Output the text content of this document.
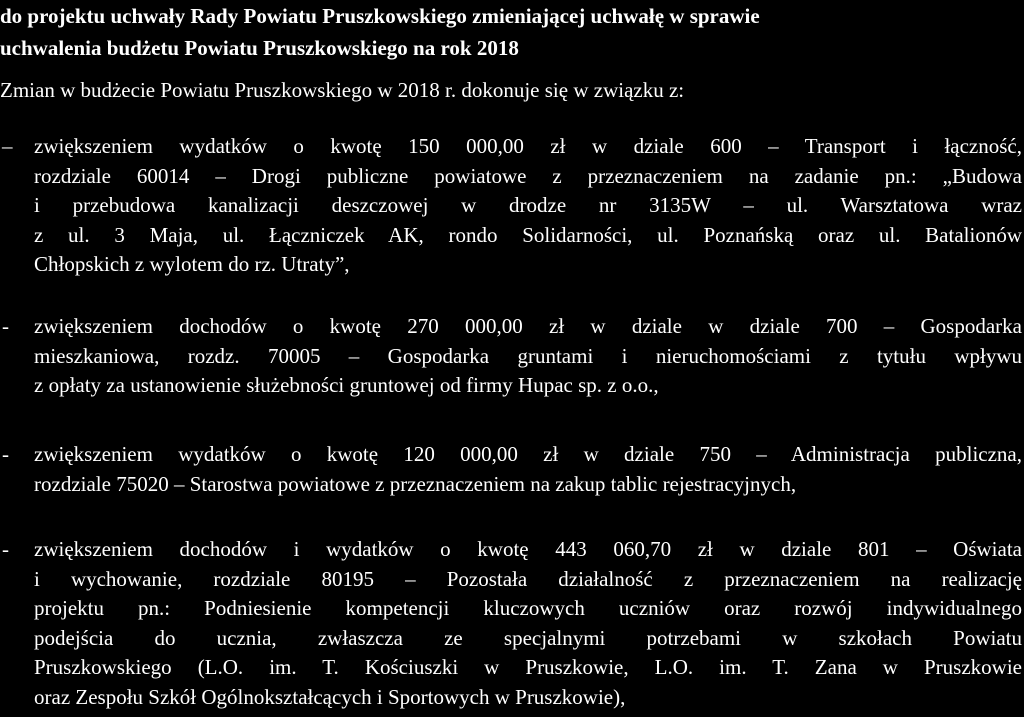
do projektu uchwały Rady Powiatu Pruszkowskiego zmieniającej uchwałę w sprawie
uchwalenia budżetu Powiatu Pruszkowskiego na rok 2018
Zmian w budżecie Powiatu Pruszkowskiego w 2018 r. dokonuje się w związku z:
– zwiększeniem wydatków o kwotę 150 000,00 zł w dziale 600 – Transport i łączność,
rozdziale 60014 – Drogi publiczne powiatowe z przeznaczeniem na zadanie pn.: „Budowa
i przebudowa kanalizacji deszczowej w drodze nr 3135W – ul. Warsztatowa wraz
z ul. 3 Maja, ul. Łączniczek AK, rondo Solidarności, ul. Poznańską oraz ul. Batalionów
Chłopskich z wylotem do rz. Utraty”,
- zwiększeniem dochodów o kwotę 270 000,00 zł w dziale w dziale 700 – Gospodarka
mieszkaniowa, rozdz. 70005 – Gospodarka gruntami i nieruchomościami z tytułu wpływu
z opłaty za ustanowienie służebności gruntowej od firmy Hupac sp. z o.o.,
- zwiększeniem wydatków o kwotę 120 000,00 zł w dziale 750 – Administracja publiczna,
rozdziale 75020 – Starostwa powiatowe z przeznaczeniem na zakup tablic rejestracyjnych,
- zwiększeniem dochodów i wydatków o kwotę 443 060,70 zł w dziale 801 – Oświata
i wychowanie, rozdziale 80195 – Pozostała działalność z przeznaczeniem na realizację
projektu pn.: Podniesienie kompetencji kluczowych uczniów oraz rozwój indywidualnego
podejścia do ucznia, zwłaszcza ze specjalnymi potrzebami w szkołach Powiatu
Pruszkowskiego (L.O. im. T. Kościuszki w Pruszkowie, L.O. im. T. Zana w Pruszkowie
oraz Zespołu Szkół Ogólnokształcących i Sportowych w Pruszkowie),
